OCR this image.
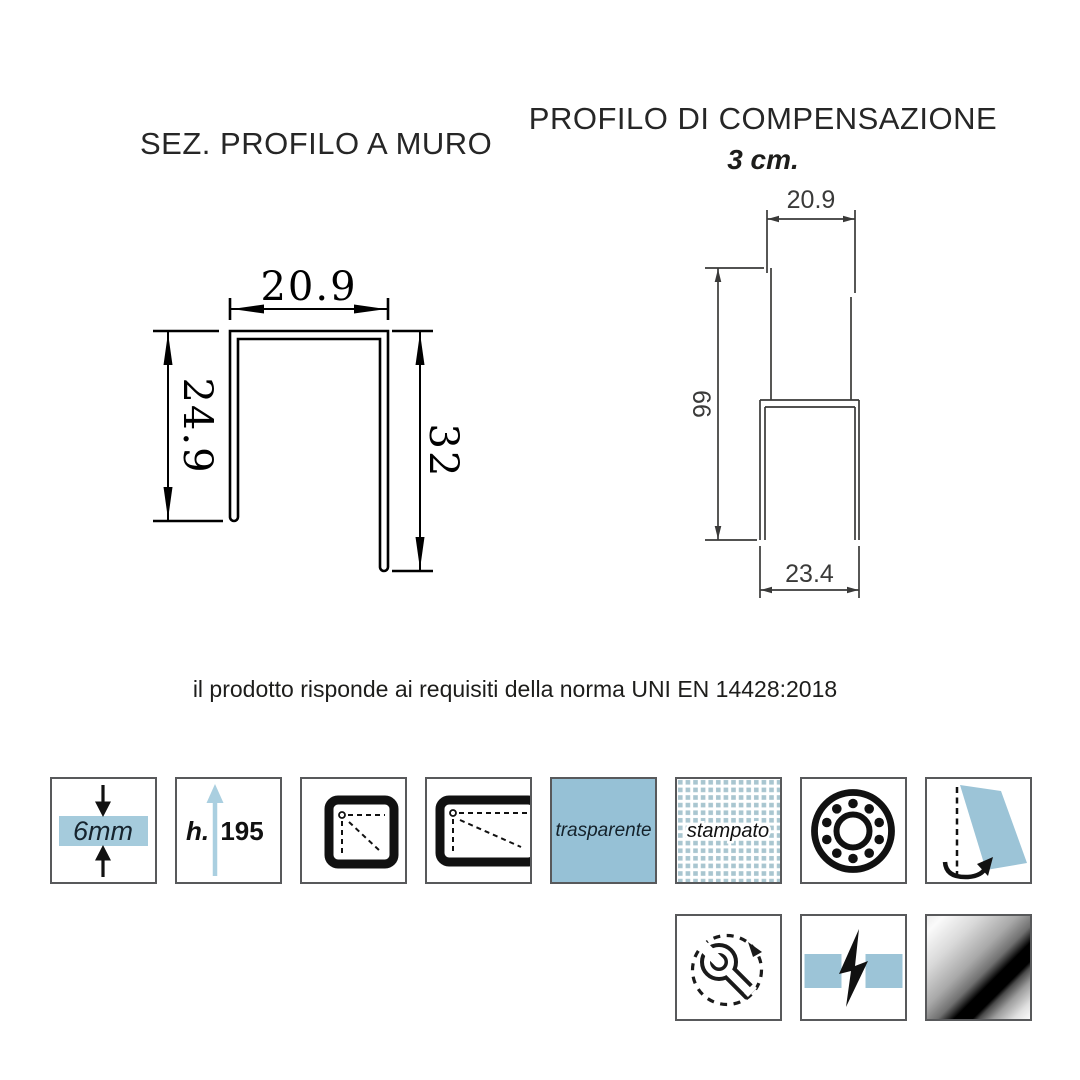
SEZ. PROFILO A MURO
PROFILO DI COMPENSAZIONE
3 cm.
20.9
24.9	32
20.9
66
23.4
il prodotto risponde ai requisiti della norma UNI EN 14428:2018
6mm h. 195	trasparente stampato
